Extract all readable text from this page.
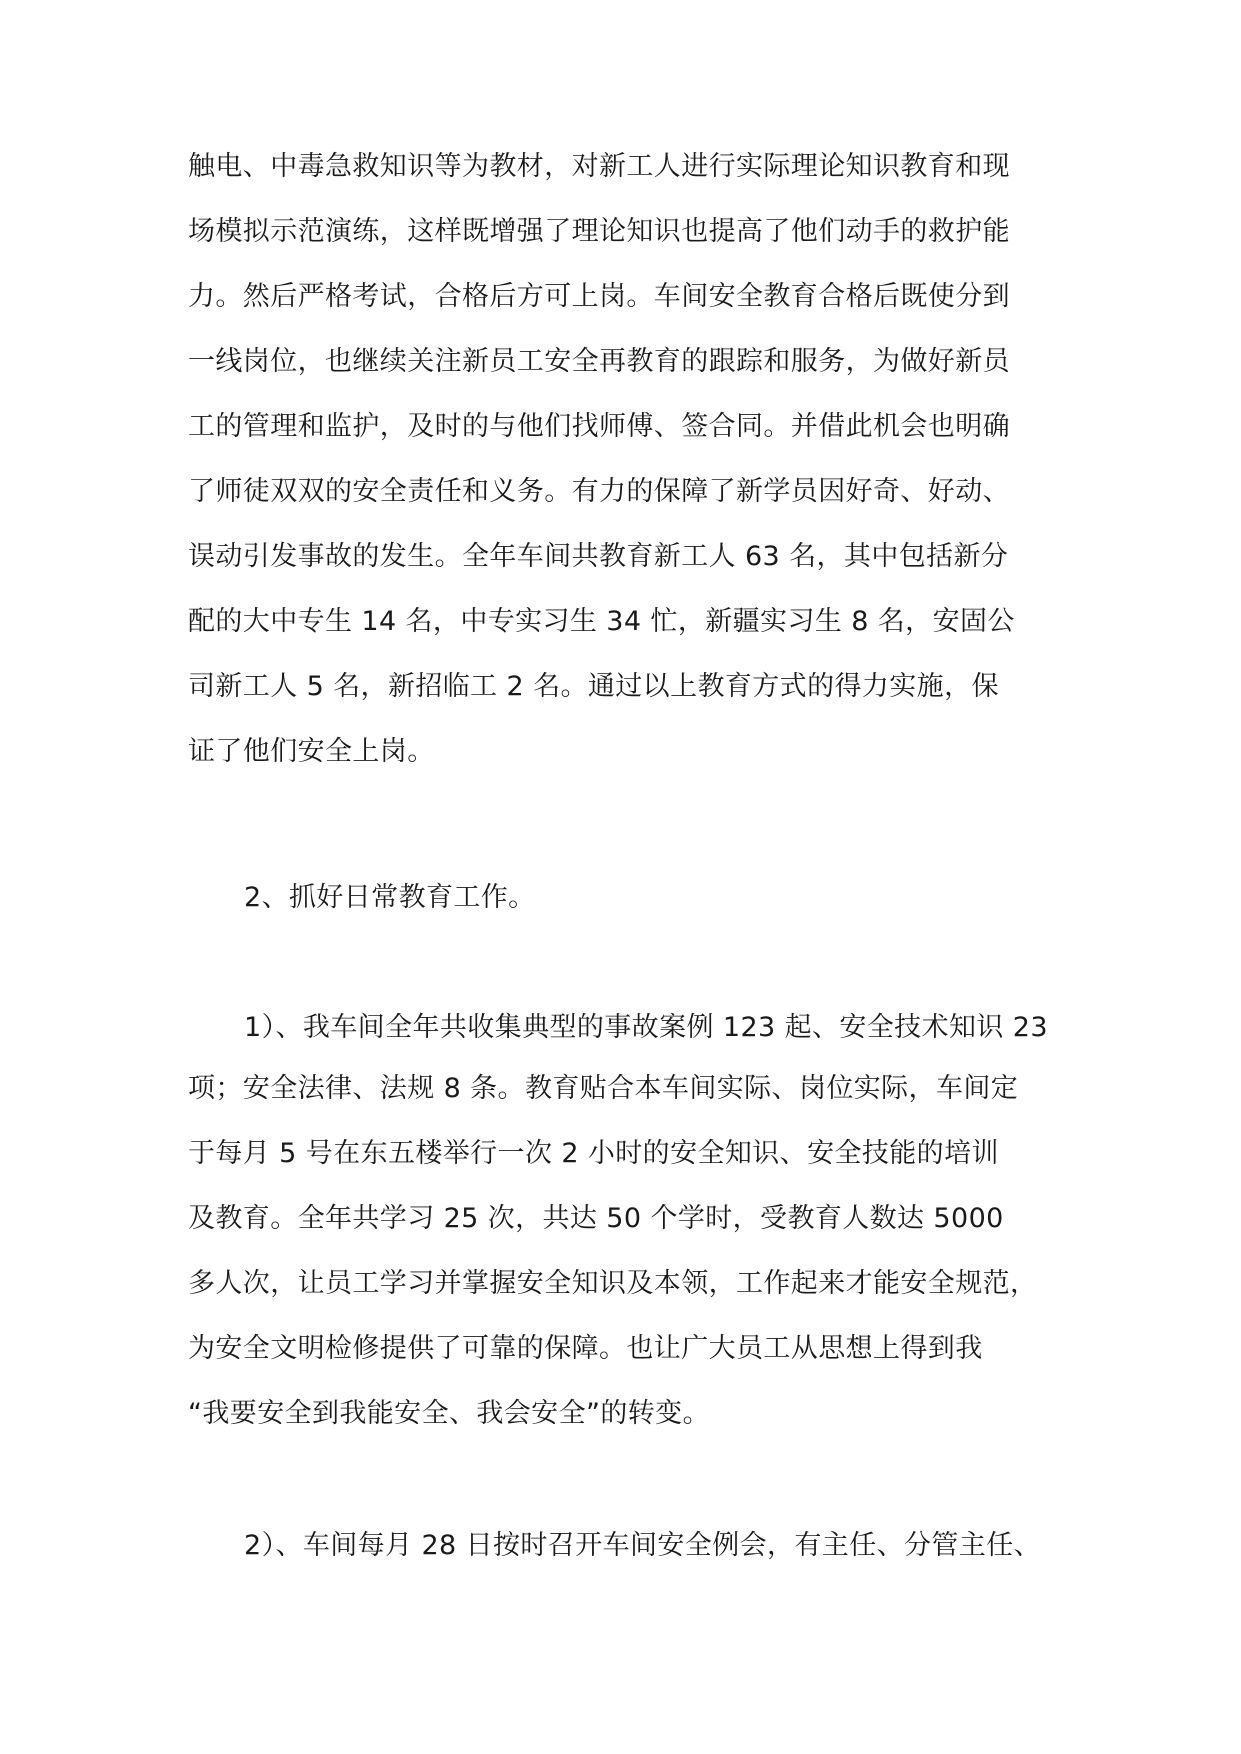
触电、中毒急救知识等为教材，对新工人进行实际理论知识教育和现
场模拟示范演练，这样既增强了理论知识也提高了他们动手的救护能
力。然后严格考试，合格后方可上岗。车间安全教育合格后既使分到
一线岗位，也继续关注新员工安全再教育的跟踪和服务，为做好新员
工的管理和监护，及时的与他们找师傅、签合同。并借此机会也明确
了师徒双双的安全责任和义务。有力的保障了新学员因好奇、好动、
误动引发事故的发生。全年车间共教育新工人 63 名，其中包括新分
配的大中专生 14 名，中专实习生 34 忙，新疆实习生 8 名，安固公
司新工人 5 名，新招临工 2 名。通过以上教育方式的得力实施，保
证了他们安全上岗。
2、抓好日常教育工作。
1）、我车间全年共收集典型的事故案例 123 起、安全技术知识 23
项；安全法律、法规 8 条。教育贴合本车间实际、岗位实际，车间定
于每月 5 号在东五楼举行一次 2 小时的安全知识、安全技能的培训
及教育。全年共学习 25 次，共达 50 个学时，受教育人数达 5000
多人次，让员工学习并掌握安全知识及本领，工作起来才能安全规范，
为安全文明检修提供了可靠的保障。也让广大员工从思想上得到我
“我要安全到我能安全、我会安全”的转变。
2）、车间每月 28 日按时召开车间安全例会，有主任、分管主任、
